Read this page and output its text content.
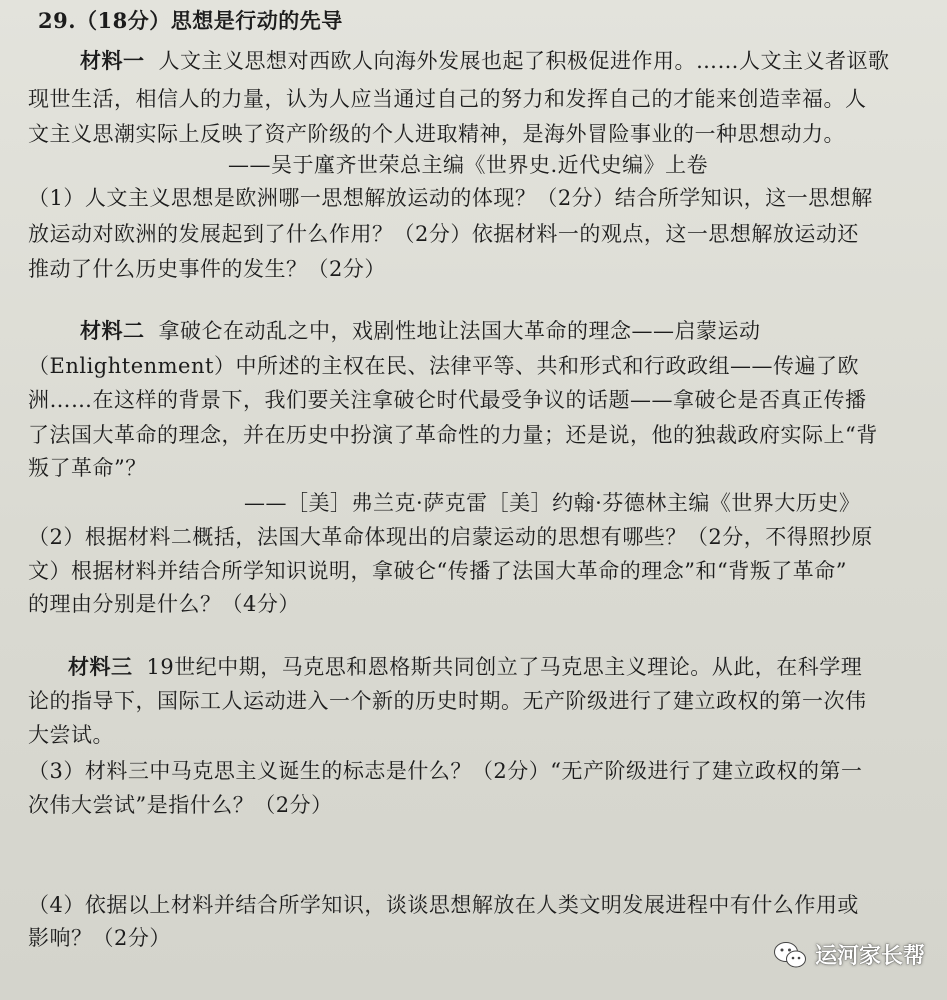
29.（18分）思想是行动的先导
材料一 人文主义思想对西欧人向海外发展也起了积极促进作用。……人文主义者讴歌
现世生活，相信人的力量，认为人应当通过自己的努力和发挥自己的才能来创造幸福。人
文主义思潮实际上反映了资产阶级的个人进取精神，是海外冒险事业的一种思想动力。
——吴于廑齐世荣总主编《世界史.近代史编》上卷
（1）人文主义思想是欧洲哪一思想解放运动的体现？（2分）结合所学知识，这一思想解
放运动对欧洲的发展起到了什么作用？（2分）依据材料一的观点，这一思想解放运动还
推动了什么历史事件的发生？（2分）
材料二 拿破仑在动乱之中，戏剧性地让法国大革命的理念——启蒙运动
（Enlightenment）中所述的主权在民、法律平等、共和形式和行政政组——传遍了欧
洲……在这样的背景下，我们要关注拿破仑时代最受争议的话题——拿破仑是否真正传播
了法国大革命的理念，并在历史中扮演了革命性的力量；还是说，他的独裁政府实际上“背
叛了革命”？
——［美］弗兰克·萨克雷［美］约翰·芬德林主编《世界大历史》
（2）根据材料二概括，法国大革命体现出的启蒙运动的思想有哪些？（2分，不得照抄原
文）根据材料并结合所学知识说明，拿破仑“传播了法国大革命的理念”和“背叛了革命”
的理由分别是什么？（4分）
材料三 19世纪中期，马克思和恩格斯共同创立了马克思主义理论。从此，在科学理
论的指导下，国际工人运动进入一个新的历史时期。无产阶级进行了建立政权的第一次伟
大尝试。
（3）材料三中马克思主义诞生的标志是什么？（2分）“无产阶级进行了建立政权的第一
次伟大尝试”是指什么？（2分）
（4）依据以上材料并结合所学知识，谈谈思想解放在人类文明发展进程中有什么作用或
影响？（2分）
运河家长帮
